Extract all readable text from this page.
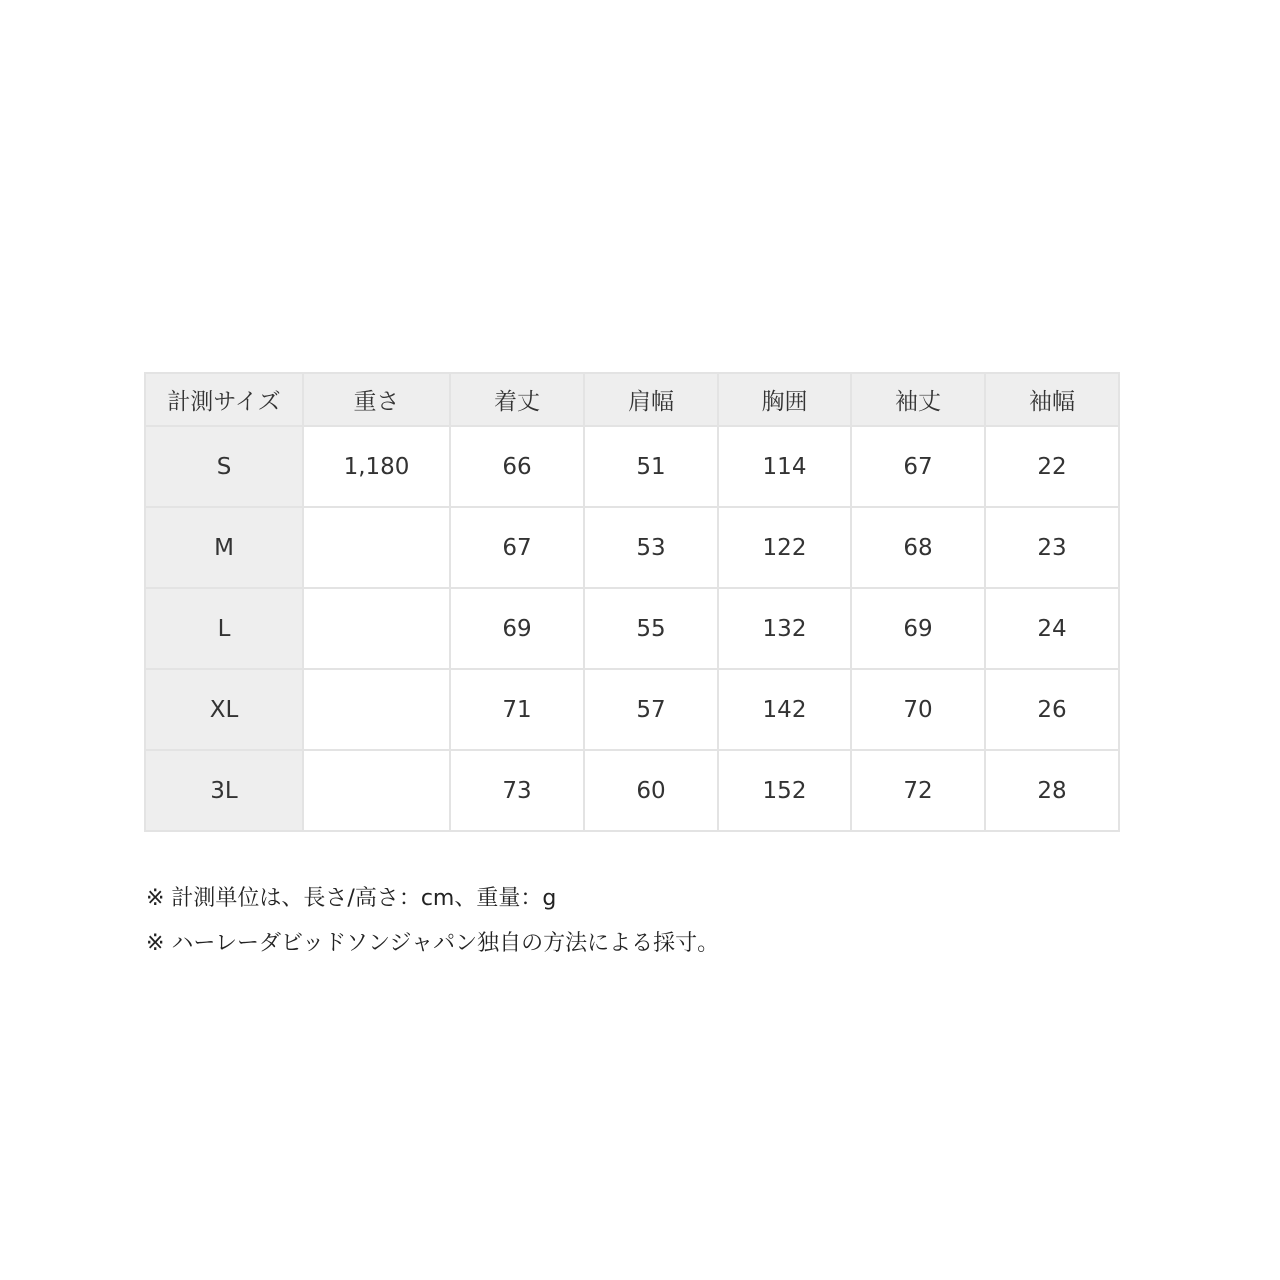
計測サイズ	重さ	着丈	肩幅	胸囲	袖丈	袖幅
S	1,180	66	51	114	67	22
M		67	53	122	68	23
L		69	55	132	69	24
XL		71	57	142	70	26
3L		73	60	152	72	28
※ 計測単位は、長さ/高さ：cm、重量：g
※ ハーレーダビッドソンジャパン独自の方法による採寸。
